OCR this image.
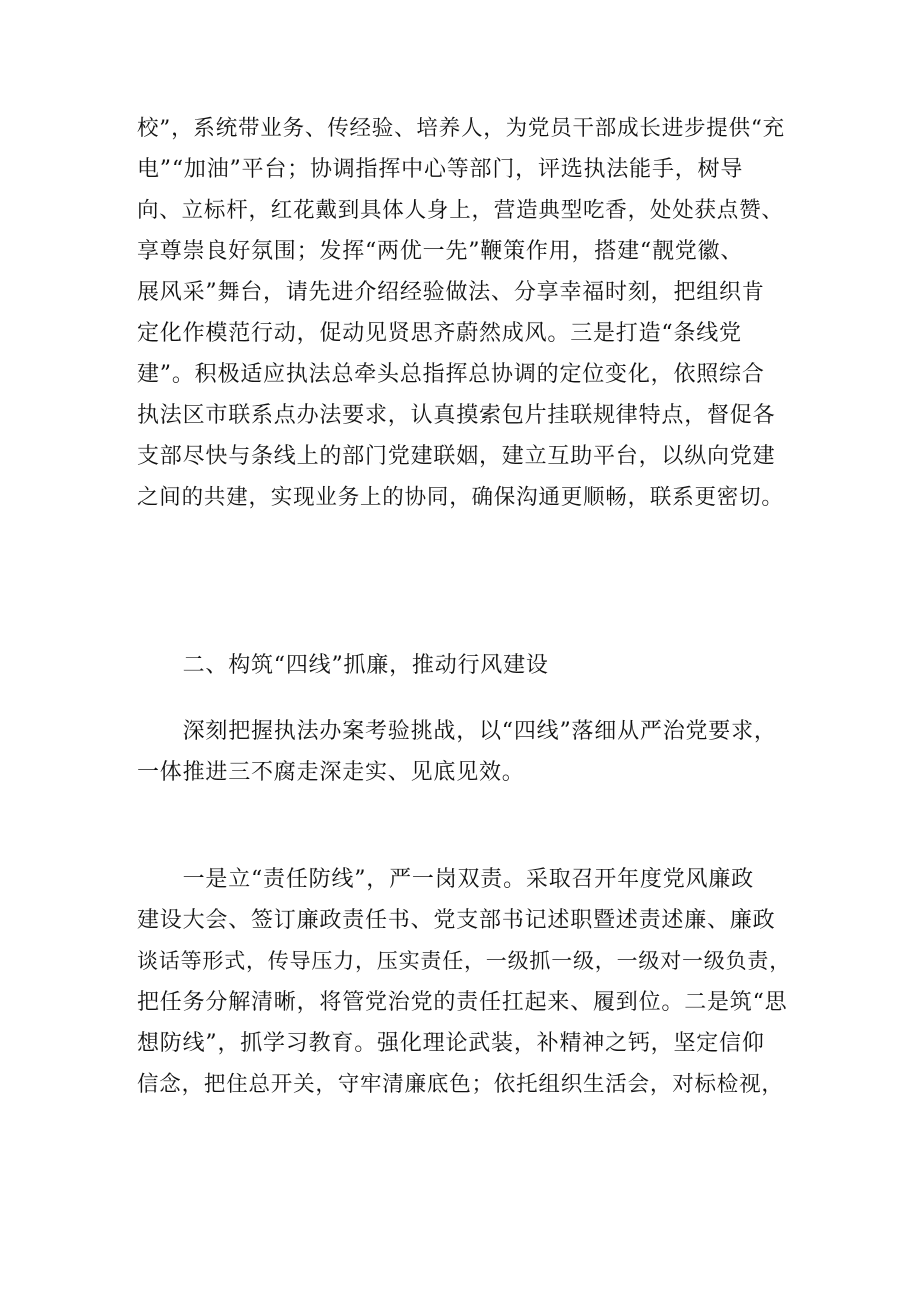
校”，系统带业务、传经验、培养人，为党员干部成长进步提供“充
电”“加油”平台；协调指挥中心等部门，评选执法能手，树导
向、立标杆，红花戴到具体人身上，营造典型吃香，处处获点赞、
享尊崇良好氛围；发挥“两优一先”鞭策作用，搭建“靓党徽、
展风采”舞台，请先进介绍经验做法、分享幸福时刻，把组织肯
定化作模范行动，促动见贤思齐蔚然成风。三是打造“条线党
建”。积极适应执法总牵头总指挥总协调的定位变化，依照综合
执法区市联系点办法要求，认真摸索包片挂联规律特点，督促各
支部尽快与条线上的部门党建联姻，建立互助平台，以纵向党建
之间的共建，实现业务上的协同，确保沟通更顺畅，联系更密切。
　　二、构筑“四线”抓廉，推动行风建设
　　深刻把握执法办案考验挑战，以“四线”落细从严治党要求，
一体推进三不腐走深走实、见底见效。
　　一是立“责任防线”，严一岗双责。采取召开年度党风廉政
建设大会、签订廉政责任书、党支部书记述职暨述责述廉、廉政
谈话等形式，传导压力，压实责任，一级抓一级，一级对一级负责，
把任务分解清晰，将管党治党的责任扛起来、履到位。二是筑“思
想防线”，抓学习教育。强化理论武装，补精神之钙，坚定信仰
信念，把住总开关，守牢清廉底色；依托组织生活会，对标检视，
